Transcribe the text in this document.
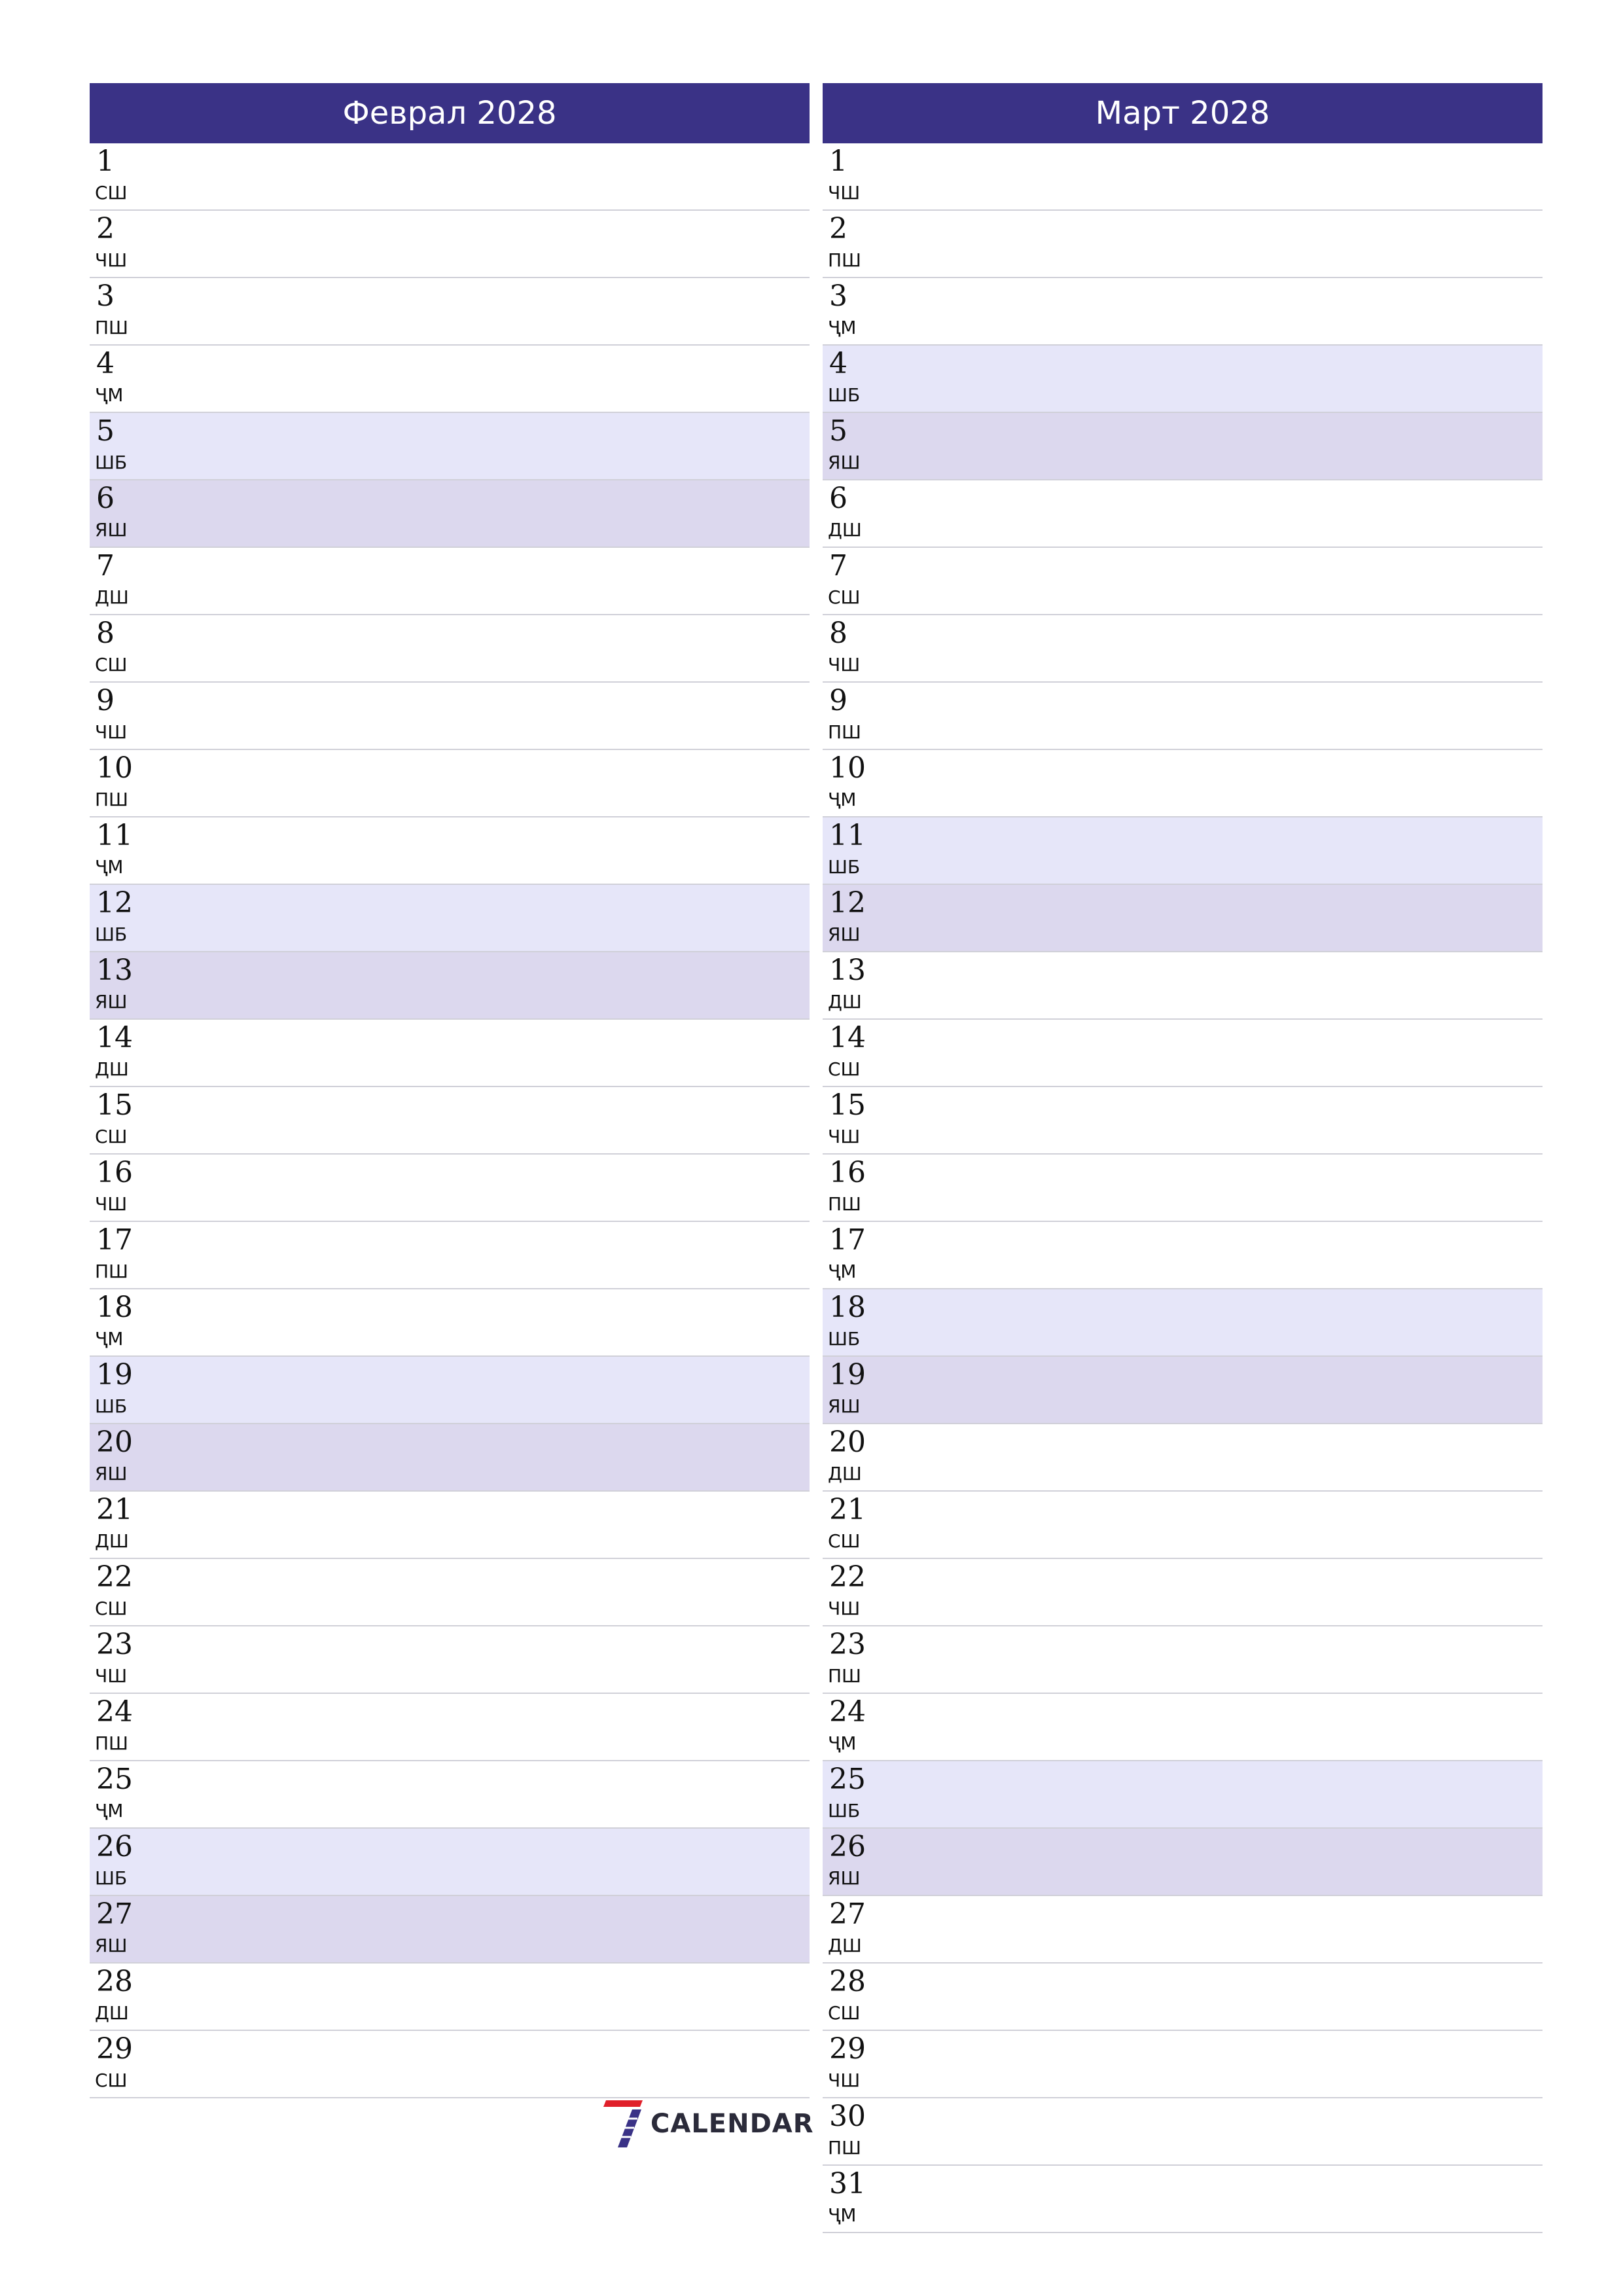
Феврал 2028
1
СШ
2
ЧШ
3
ПШ
4
ҶМ
5
ШБ
6
ЯШ
7
ДШ
8
СШ
9
ЧШ
10
ПШ
11
ҶМ
12
ШБ
13
ЯШ
14
ДШ
15
СШ
16
ЧШ
17
ПШ
18
ҶМ
19
ШБ
20
ЯШ
21
ДШ
22
СШ
23
ЧШ
24
ПШ
25
ҶМ
26
ШБ
27
ЯШ
28
ДШ
29
СШ
Март 2028
1
ЧШ
2
ПШ
3
ҶМ
4
ШБ
5
ЯШ
6
ДШ
7
СШ
8
ЧШ
9
ПШ
10
ҶМ
11
ШБ
12
ЯШ
13
ДШ
14
СШ
15
ЧШ
16
ПШ
17
ҶМ
18
ШБ
19
ЯШ
20
ДШ
21
СШ
22
ЧШ
23
ПШ
24
ҶМ
25
ШБ
26
ЯШ
27
ДШ
28
СШ
29
ЧШ
30
ПШ
31
ҶМ
CALENDAR
